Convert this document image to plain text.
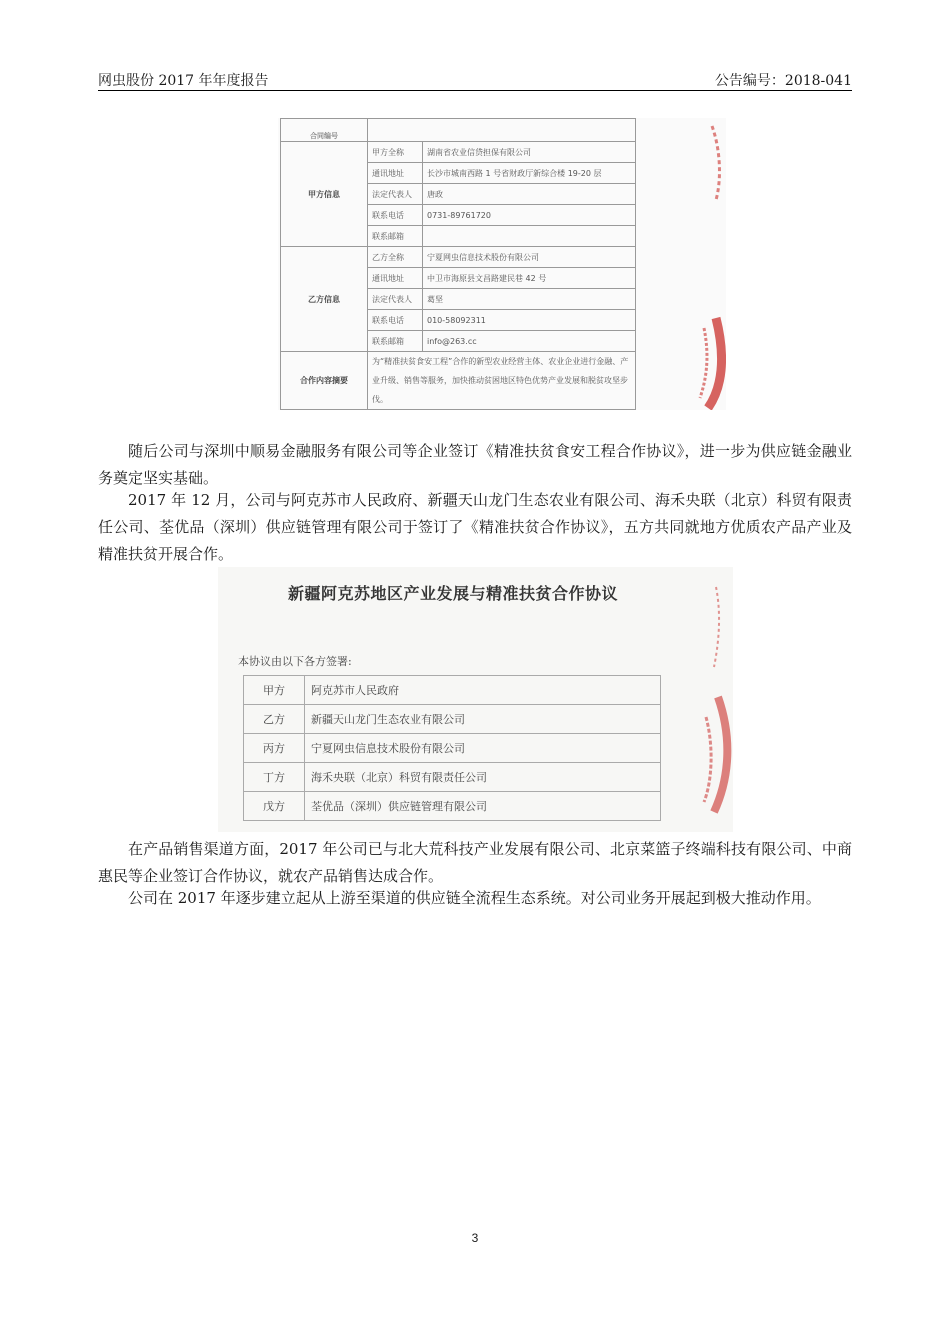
网虫股份 2017 年年度报告	公告编号：2018-041
合同编号		
甲方信息	甲方全称	湖南省农业信贷担保有限公司
	通讯地址	长沙市城南西路 1 号省财政厅新综合楼 19-20 层
	法定代表人	唐政
	联系电话	0731-89761720
	联系邮箱	
乙方信息	乙方全称	宁夏网虫信息技术股份有限公司
	通讯地址	中卫市海原县文昌路建民巷 42 号
	法定代表人	葛坚
	联系电话	010-58092311
	联系邮箱	info@263.cc
合作内容摘要	为“精准扶贫食安工程”合作的新型农业经营主体、农业企业进行金融、产业升级、销售等服务，加快推动贫困地区特色优势产业发展和脱贫攻坚步伐。	

随后公司与深圳中顺易金融服务有限公司等企业签订《精准扶贫食安工程合作协议》，进一步为供应链金融业务奠定坚实基础。

2017 年 12 月，公司与阿克苏市人民政府、新疆天山龙门生态农业有限公司、海禾央联（北京）科贸有限责任公司、荃优品（深圳）供应链管理有限公司于签订了《精准扶贫合作协议》，五方共同就地方优质农产品产业及精准扶贫开展合作。

新疆阿克苏地区产业发展与精准扶贫合作协议
本协议由以下各方签署:
甲方	阿克苏市人民政府
乙方	新疆天山龙门生态农业有限公司
丙方	宁夏网虫信息技术股份有限公司
丁方	海禾央联（北京）科贸有限责任公司
戊方	荃优品（深圳）供应链管理有限公司

在产品销售渠道方面，2017 年公司已与北大荒科技产业发展有限公司、北京菜篮子终端科技有限公司、中商惠民等企业签订合作协议，就农产品销售达成合作。

公司在 2017 年逐步建立起从上游至渠道的供应链全流程生态系统。对公司业务开展起到极大推动作用。

3
